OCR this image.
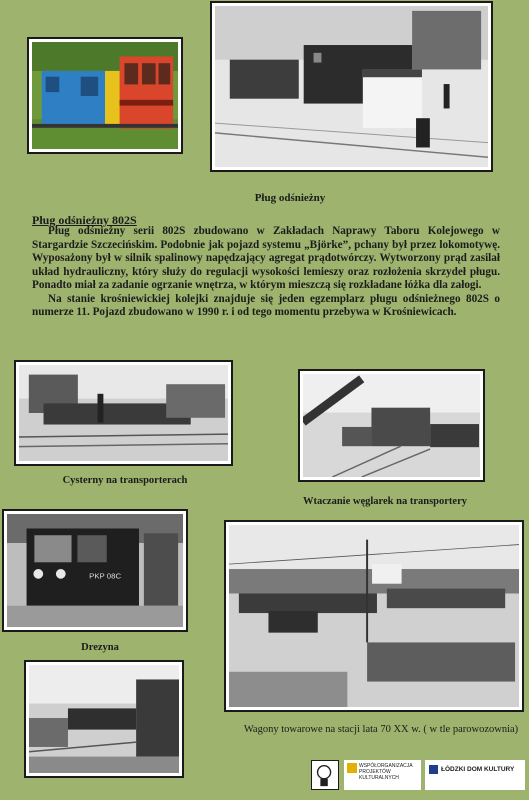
Pług odśnieżny
Pług odśnieżny 802S

Pług odśnieżny serii 802S zbudowano w Zakładach Naprawy Taboru Kolejowego w Stargardzie Szczecińskim. Podobnie jak pojazd systemu „Björke”, pchany był przez lokomotywę. Wyposażony był w silnik spalinowy napędzający agregat prądotwórczy. Wytworzony prąd zasilał układ hydrauliczny, który służy do regulacji wysokości lemieszy oraz rozłożenia skrzydeł pługu. Ponadto miał za zadanie ogrzanie wnętrza, w którym mieszczą się rozkładane łóżka dla załogi.

Na stanie krośniewickiej kolejki znajduje się jeden egzemplarz pługu odśnieżnego 802S o numerze 11. Pojazd zbudowano w 1990 r. i od tego momentu przebywa w Krośniewicach.

Cysterny na transporterach
Wtaczanie węglarek na transportery
PKP 08C
Drezyna
Wagony towarowe na stacji lata 70 XX w. ( w tle parowozownia)
WSPÓŁORGANIZACJA PROJEKTÓW KULTURALNYCH
ŁÓDZKI DOM KULTURY
